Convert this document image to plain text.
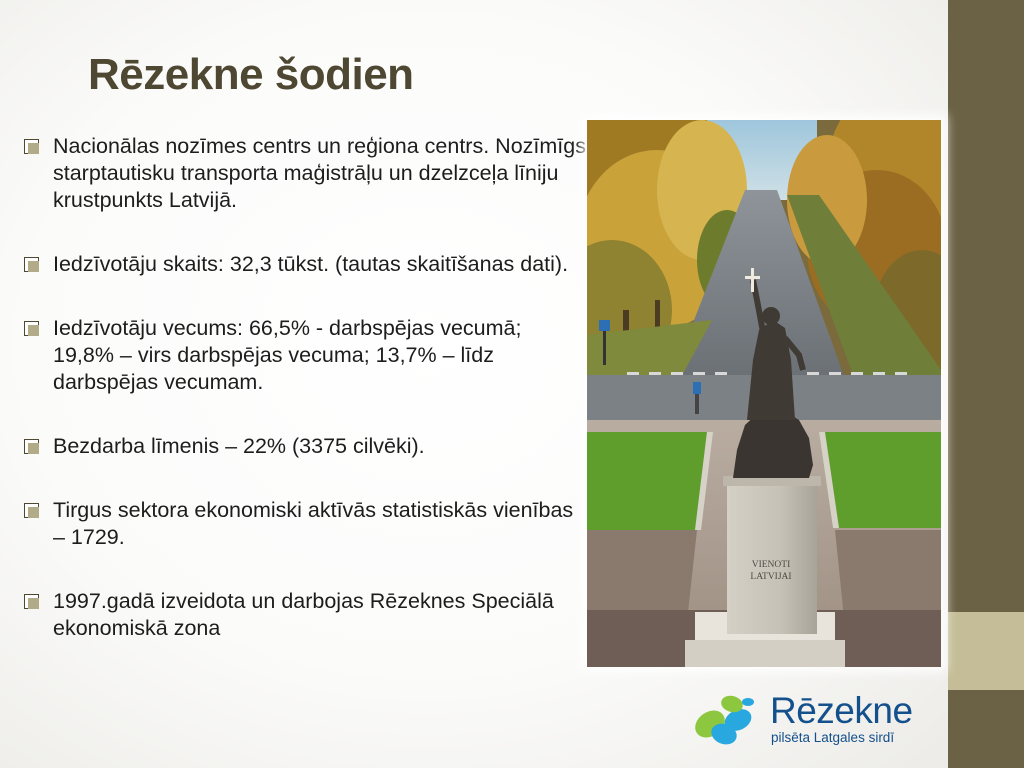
Rēzekne šodien
Nacionālas nozīmes centrs un reģiona centrs. Nozīmīgs starptautisku transporta maģistrāļu un dzelzceļa līniju krustpunkts Latvijā.
Iedzīvotāju skaits: 32,3 tūkst. (tautas skaitīšanas dati).
Iedzīvotāju vecums: 66,5% - darbspējas vecumā; 19,8% – virs darbspējas vecuma; 13,7% – līdz darbspējas vecumam.
Bezdarba līmenis – 22% (3375 cilvēki).
Tirgus sektora ekonomiski aktīvās statistiskās vienības – 1729.
1997.gadā izveidota un darbojas Rēzeknes Speciālā ekonomiskā zona
VIENOTI
LATVIJAI
Rēzekne
pilsēta Latgales sirdī
